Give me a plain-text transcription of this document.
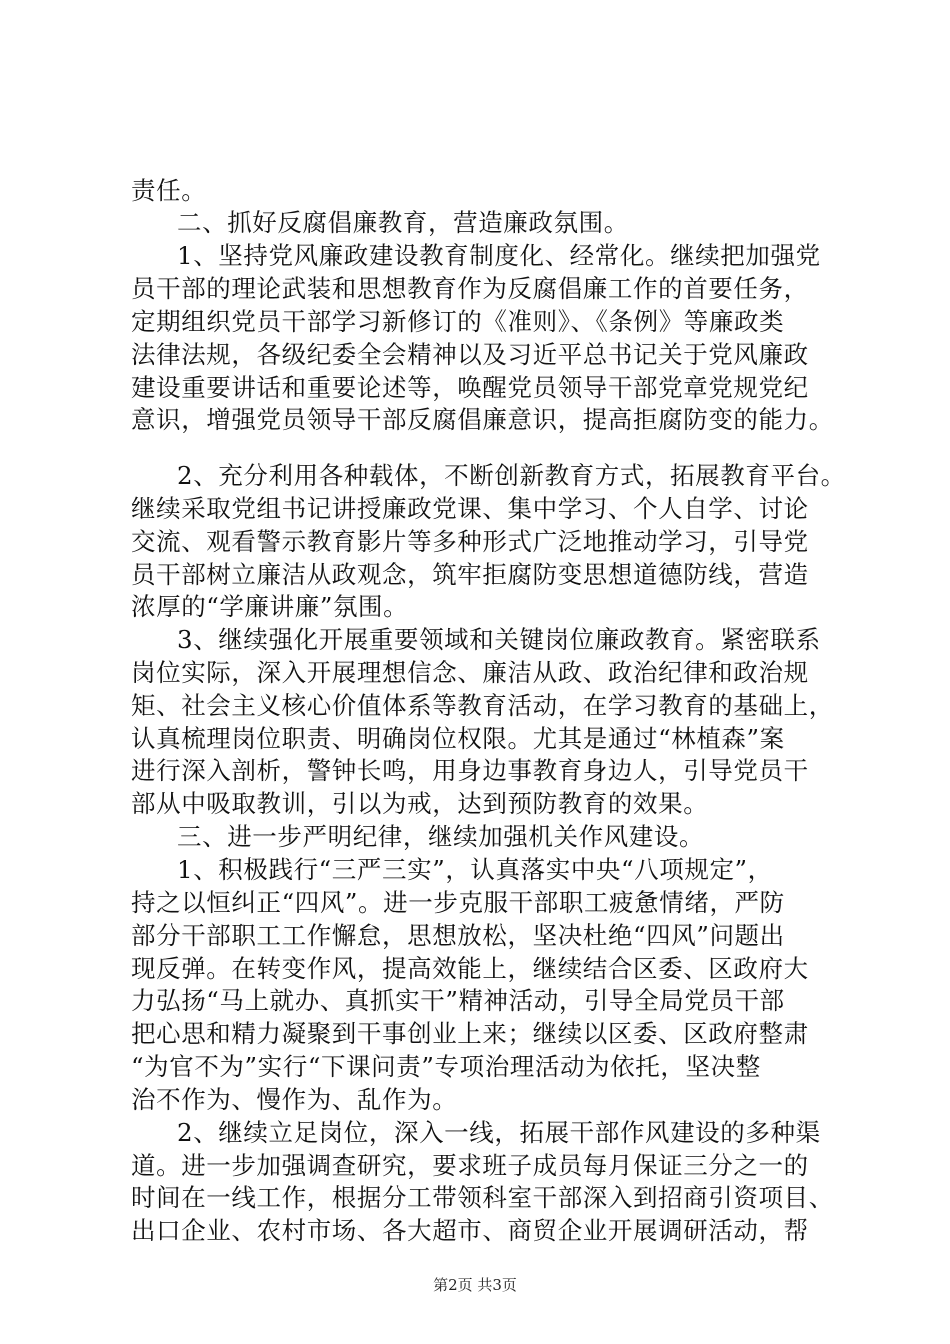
责任。
二、抓好反腐倡廉教育，营造廉政氛围。
1、坚持党风廉政建设教育制度化、经常化。继续把加强党
员干部的理论武装和思想教育作为反腐倡廉工作的首要任务，
定期组织党员干部学习新修订的《准则》、《条例》等廉政类
法律法规，各级纪委全会精神以及习近平总书记关于党风廉政
建设重要讲话和重要论述等，唤醒党员领导干部党章党规党纪
意识，增强党员领导干部反腐倡廉意识，提高拒腐防变的能力。
2、充分利用各种载体，不断创新教育方式，拓展教育平台。
继续采取党组书记讲授廉政党课、集中学习、个人自学、讨论
交流、观看警示教育影片等多种形式广泛地推动学习，引导党
员干部树立廉洁从政观念，筑牢拒腐防变思想道德防线，营造
浓厚的“学廉讲廉”氛围。
3、继续强化开展重要领域和关键岗位廉政教育。紧密联系
岗位实际，深入开展理想信念、廉洁从政、政治纪律和政治规
矩、社会主义核心价值体系等教育活动，在学习教育的基础上，
认真梳理岗位职责、明确岗位权限。尤其是通过“林植森”案
进行深入剖析，警钟长鸣，用身边事教育身边人，引导党员干
部从中吸取教训，引以为戒，达到预防教育的效果。
三、进一步严明纪律，继续加强机关作风建设。
1、积极践行“三严三实”，认真落实中央“八项规定”，
持之以恒纠正“四风”。进一步克服干部职工疲惫情绪，严防
部分干部职工工作懈怠，思想放松，坚决杜绝“四风”问题出
现反弹。在转变作风，提高效能上，继续结合区委、区政府大
力弘扬“马上就办、真抓实干”精神活动，引导全局党员干部
把心思和精力凝聚到干事创业上来；继续以区委、区政府整肃
“为官不为”实行“下课问责”专项治理活动为依托，坚决整
治不作为、慢作为、乱作为。
2、继续立足岗位，深入一线，拓展干部作风建设的多种渠
道。进一步加强调查研究，要求班子成员每月保证三分之一的
时间在一线工作，根据分工带领科室干部深入到招商引资项目、
出口企业、农村市场、各大超市、商贸企业开展调研活动，帮
第2页 共3页
